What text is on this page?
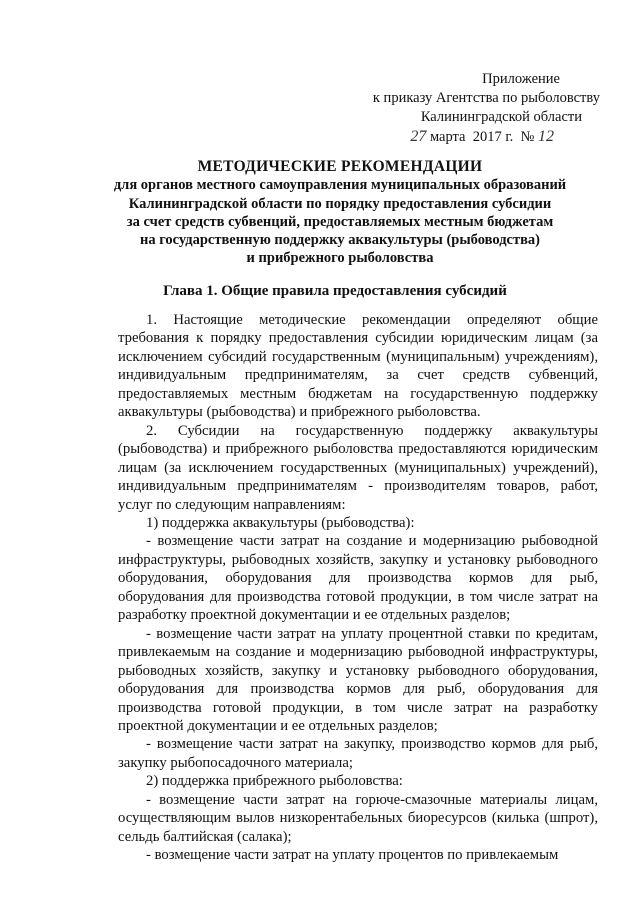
Приложение
к приказу Агентства по рыболовству
Калининградской области
27 марта  2017 г.  № 12
МЕТОДИЧЕСКИЕ РЕКОМЕНДАЦИИ
для органов местного самоуправления муниципальных образований
Калининградской области по порядку предоставления субсидии
за счет средств субвенций, предоставляемых местным бюджетам
на государственную поддержку аквакультуры (рыбоводства)
и прибрежного рыболовства
Глава 1. Общие правила предоставления субсидий

1. Настоящие методические рекомендации определяют общие требования к порядку предоставления субсидии юридическим лицам (за исключением субсидий государственным (муниципальным) учреждениям), индивидуальным предпринимателям, за счет средств субвенций, предоставляемых местным бюджетам на государственную поддержку аквакультуры (рыбоводства) и прибрежного рыболовства.

2. Субсидии на государственную поддержку аквакультуры (рыбоводства) и прибрежного рыболовства предоставляются юридическим лицам (за исключением государственных (муниципальных) учреждений), индивидуальным предпринимателям - производителям товаров, работ, услуг по следующим направлениям:

1) поддержка аквакультуры (рыбоводства):

- возмещение части затрат на создание и модернизацию рыбоводной инфраструктуры, рыбоводных хозяйств, закупку и установку рыбоводного оборудования, оборудования для производства кормов для рыб, оборудования для производства готовой продукции, в том числе затрат на разработку проектной документации и ее отдельных разделов;

- возмещение части затрат на уплату процентной ставки по кредитам, привлекаемым на создание и модернизацию рыбоводной инфраструктуры, рыбоводных хозяйств, закупку и установку рыбоводного оборудования, оборудования для производства кормов для рыб, оборудования для производства готовой продукции, в том числе затрат на разработку проектной документации и ее отдельных разделов;

- возмещение части затрат на закупку, производство кормов для рыб, закупку рыбопосадочного материала;

2) поддержка прибрежного рыболовства:

- возмещение части затрат на горюче-смазочные материалы лицам, осуществляющим вылов низкорентабельных биоресурсов (килька (шпрот), сельдь балтийская (салака);

- возмещение части затрат на уплату процентов по привлекаемым
